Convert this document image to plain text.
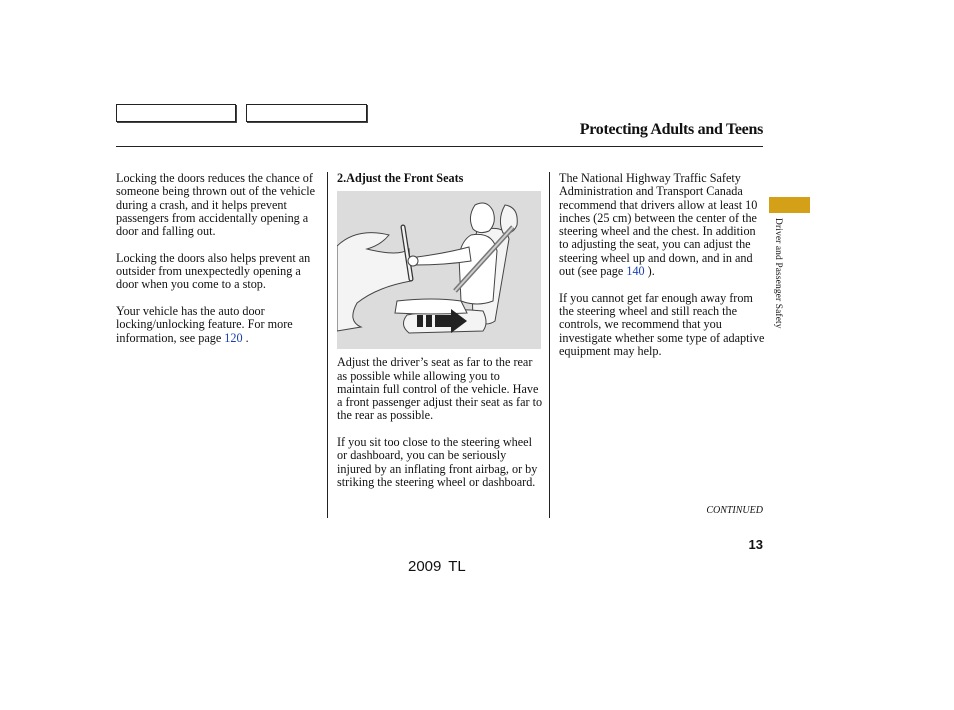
Protecting Adults and Teens

Locking the doors reduces the chance of someone being thrown out of the vehicle during a crash, and it helps prevent passengers from accidentally opening a door and falling out.

Locking the doors also helps prevent an outsider from unexpectedly opening a door when you come to a stop.

Your vehicle has the auto door locking/unlocking feature. For more information, see page 120 .

2.Adjust the Front Seats

Adjust the driver’s seat as far to the rear as possible while allowing you to maintain full control of the vehicle. Have a front passenger adjust their seat as far to the rear as possible.

If you sit too close to the steering wheel or dashboard, you can be seriously injured by an inflating front airbag, or by striking the steering wheel or dashboard.

The National Highway Traffic Safety Administration and Transport Canada recommend that drivers allow at least 10 inches (25 cm) between the center of the steering wheel and the chest. In addition to adjusting the seat, you can adjust the steering wheel up and down, and in and out (see page 140 ).

If you cannot get far enough away from the steering wheel and still reach the controls, we recommend that you investigate whether some type of adaptive equipment may help.

Driver and Passenger Safety
CONTINUED
13
2009 TL
